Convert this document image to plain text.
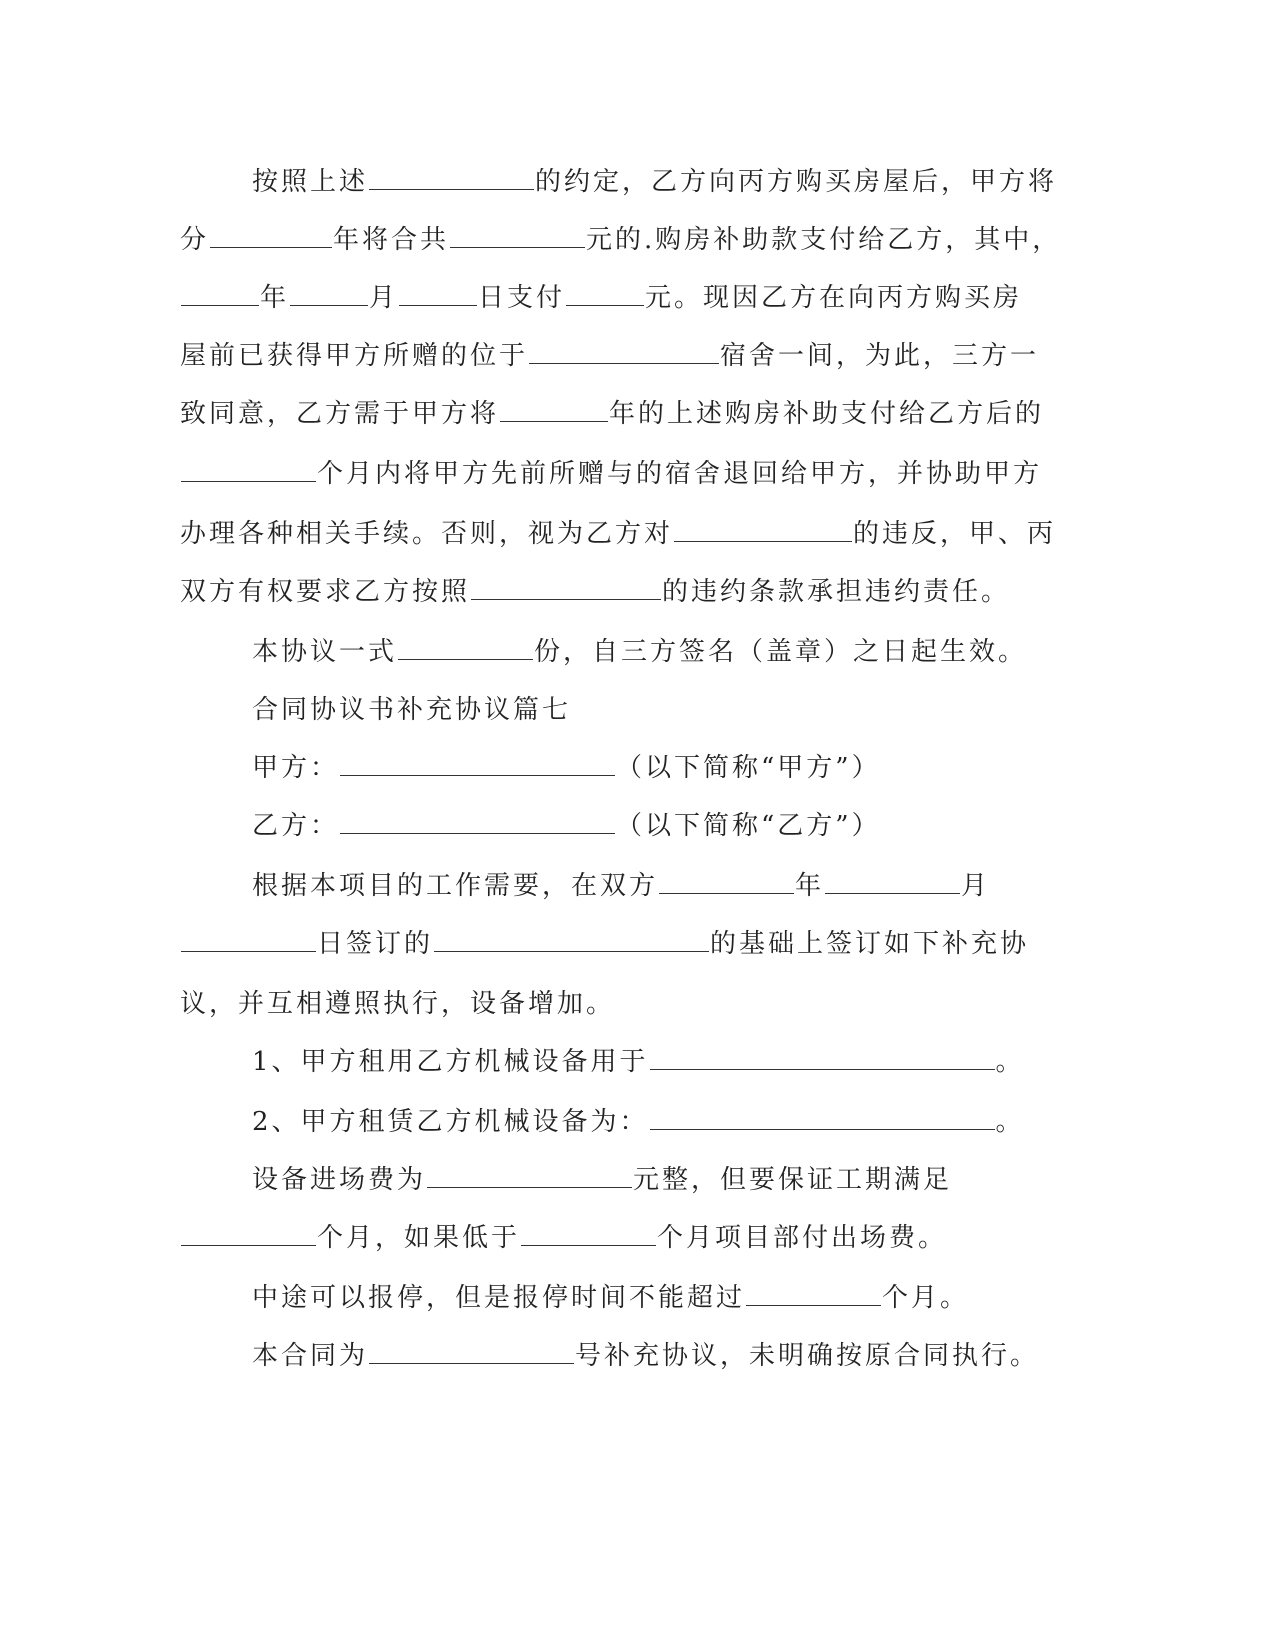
按照上述	的约定，乙方向丙方购买房屋后，甲方将
分	年将合共	元的.购房补助款支付给乙方，其中，
年	月	日支付	元。现因乙方在向丙方购买房
屋前已获得甲方所赠的位于	宿舍一间，为此，三方一
致同意，乙方需于甲方将	年的上述购房补助支付给乙方后的
个月内将甲方先前所赠与的宿舍退回给甲方，并协助甲方
办理各种相关手续。否则，视为乙方对	的违反，甲、丙
双方有权要求乙方按照	的违约条款承担违约责任。
本协议一式	份，自三方签名（盖章）之日起生效。
合同协议书补充协议篇七
甲方：	（以下简称“甲方”）
乙方：	（以下简称“乙方”）
根据本项目的工作需要，在双方	年	月
日签订的	的基础上签订如下补充协
议，并互相遵照执行，设备增加。
1、甲方租用乙方机械设备用于	。
2、甲方租赁乙方机械设备为：	。
设备进场费为	元整，但要保证工期满足
个月，如果低于	个月项目部付出场费。
中途可以报停，但是报停时间不能超过	个月。
本合同为	号补充协议，未明确按原合同执行。
